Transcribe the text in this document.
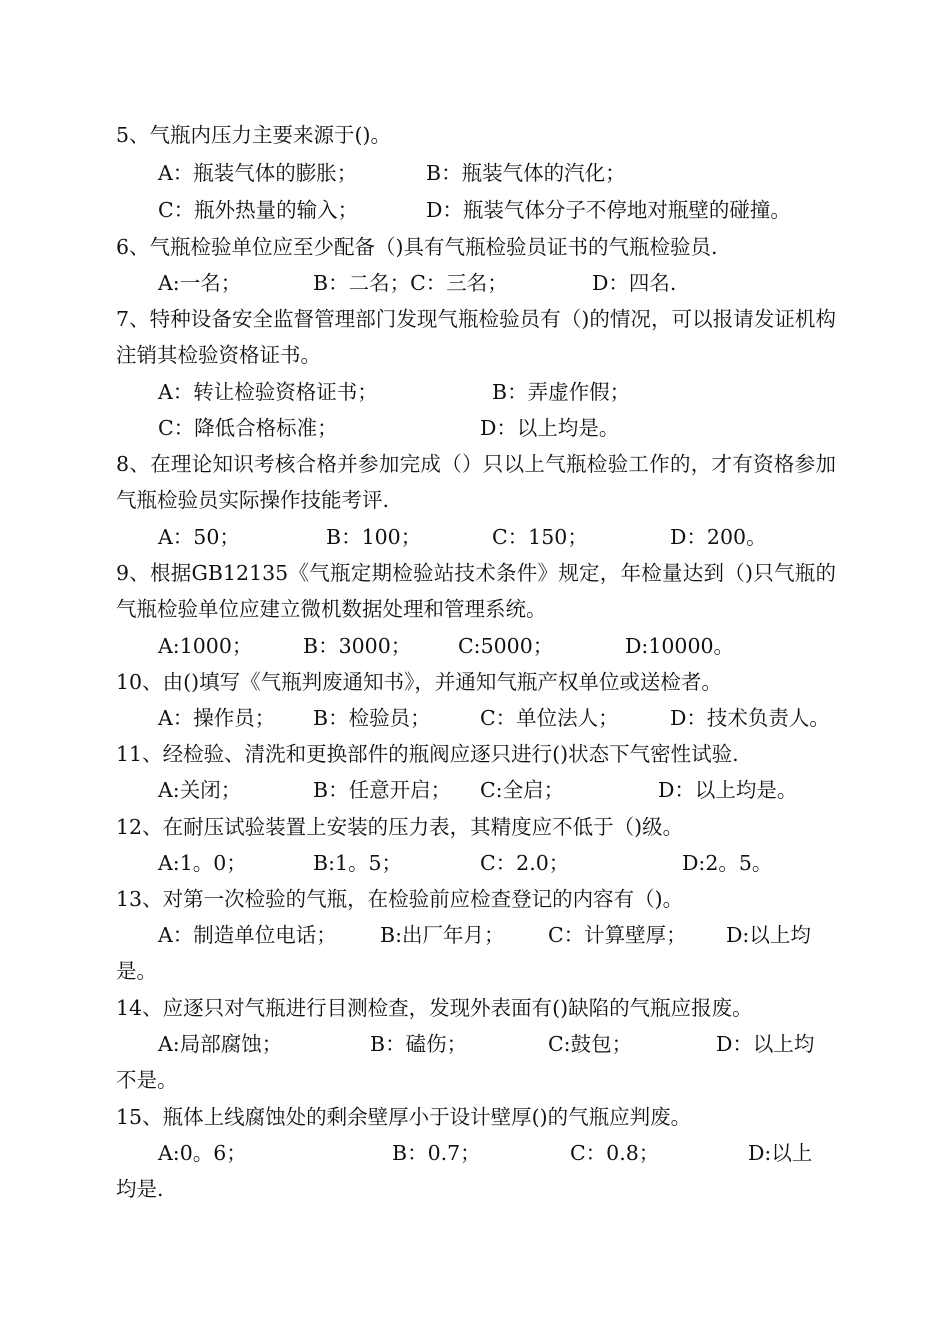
5、气瓶内压力主要来源于()。
A：瓶装气体的膨胀；	B：瓶装气体的汽化；
C：瓶外热量的输入；	D：瓶装气体分子不停地对瓶壁的碰撞。
6、气瓶检验单位应至少配备（)具有气瓶检验员证书的气瓶检验员.
A:一名；	B：二名；C：三名；	D：四名.
7、特种设备安全监督管理部门发现气瓶检验员有（)的情况，可以报请发证机构注销其检验资格证书。
A：转让检验资格证书；	B：弄虚作假；
C：降低合格标准；	D：以上均是。
8、在理论知识考核合格并参加完成（）只以上气瓶检验工作的，才有资格参加气瓶检验员实际操作技能考评.
A：50；	B：100；	C：150；	D：200。
9、根据GB12135《气瓶定期检验站技术条件》规定，年检量达到（)只气瓶的气瓶检验单位应建立微机数据处理和管理系统。
A:1000； B：3000； C:5000；	D:10000。
10、由()填写《气瓶判废通知书》，并通知气瓶产权单位或送检者。
A：操作员； B：检验员； C：单位法人；	D：技术负责人。
11、经检验、清洗和更换部件的瓶阀应逐只进行()状态下气密性试验.
A:关闭；	B：任意开启； C:全启；	D：以上均是。
12、在耐压试验装置上安装的压力表，其精度应不低于（)级。
A:1。0；	B:1。5；	C：2.0；	D:2。5。
13、对第一次检验的气瓶，在检验前应检查登记的内容有（)。
A：制造单位电话； B:出厂年月； C：计算壁厚； D:以上均
是。
14、应逐只对气瓶进行目测检查，发现外表面有()缺陷的气瓶应报废。
A:局部腐蚀；	B：磕伤；	C:鼓包；	D：以上均
不是。
15、瓶体上线腐蚀处的剩余壁厚小于设计壁厚()的气瓶应判废。
A:0。6；	B：0.7；	C：0.8；	D:以上
均是.
